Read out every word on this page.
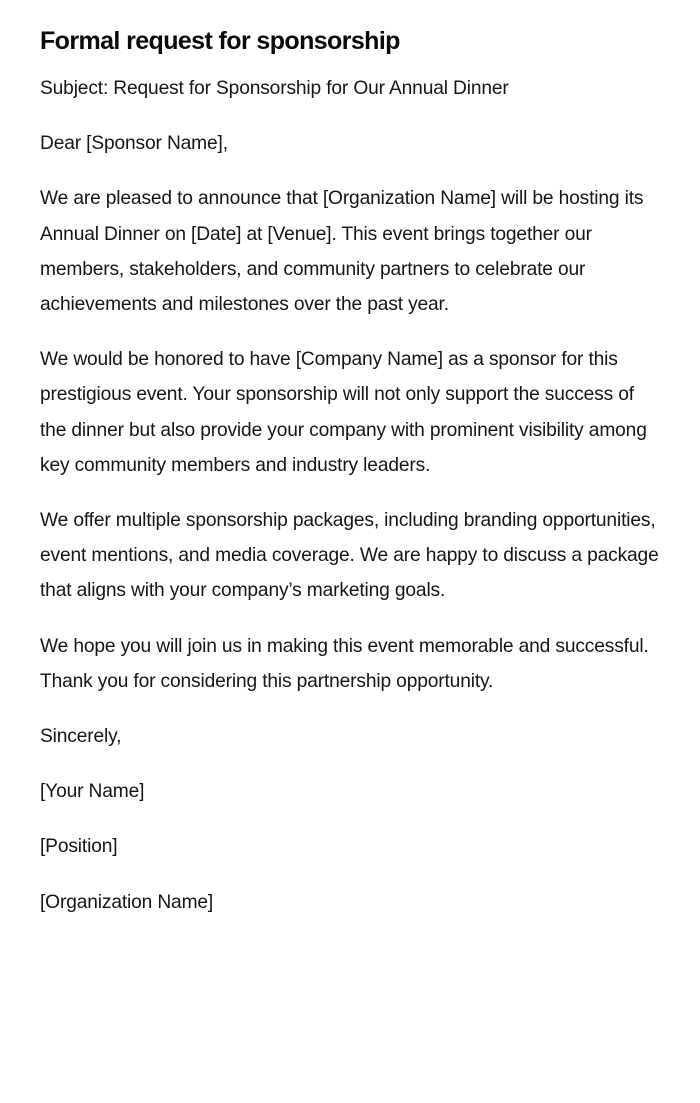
Formal request for sponsorship

Subject: Request for Sponsorship for Our Annual Dinner

Dear [Sponsor Name],

We are pleased to announce that [Organization Name] will be hosting its Annual Dinner on [Date] at [Venue]. This event brings together our members, stakeholders, and community partners to celebrate our achievements and milestones over the past year.

We would be honored to have [Company Name] as a sponsor for this prestigious event. Your sponsorship will not only support the success of the dinner but also provide your company with prominent visibility among key community members and industry leaders.

We offer multiple sponsorship packages, including branding opportunities, event mentions, and media coverage. We are happy to discuss a package that aligns with your company’s marketing goals.

We hope you will join us in making this event memorable and successful. Thank you for considering this partnership opportunity.

Sincerely,

[Your Name]

[Position]

[Organization Name]
